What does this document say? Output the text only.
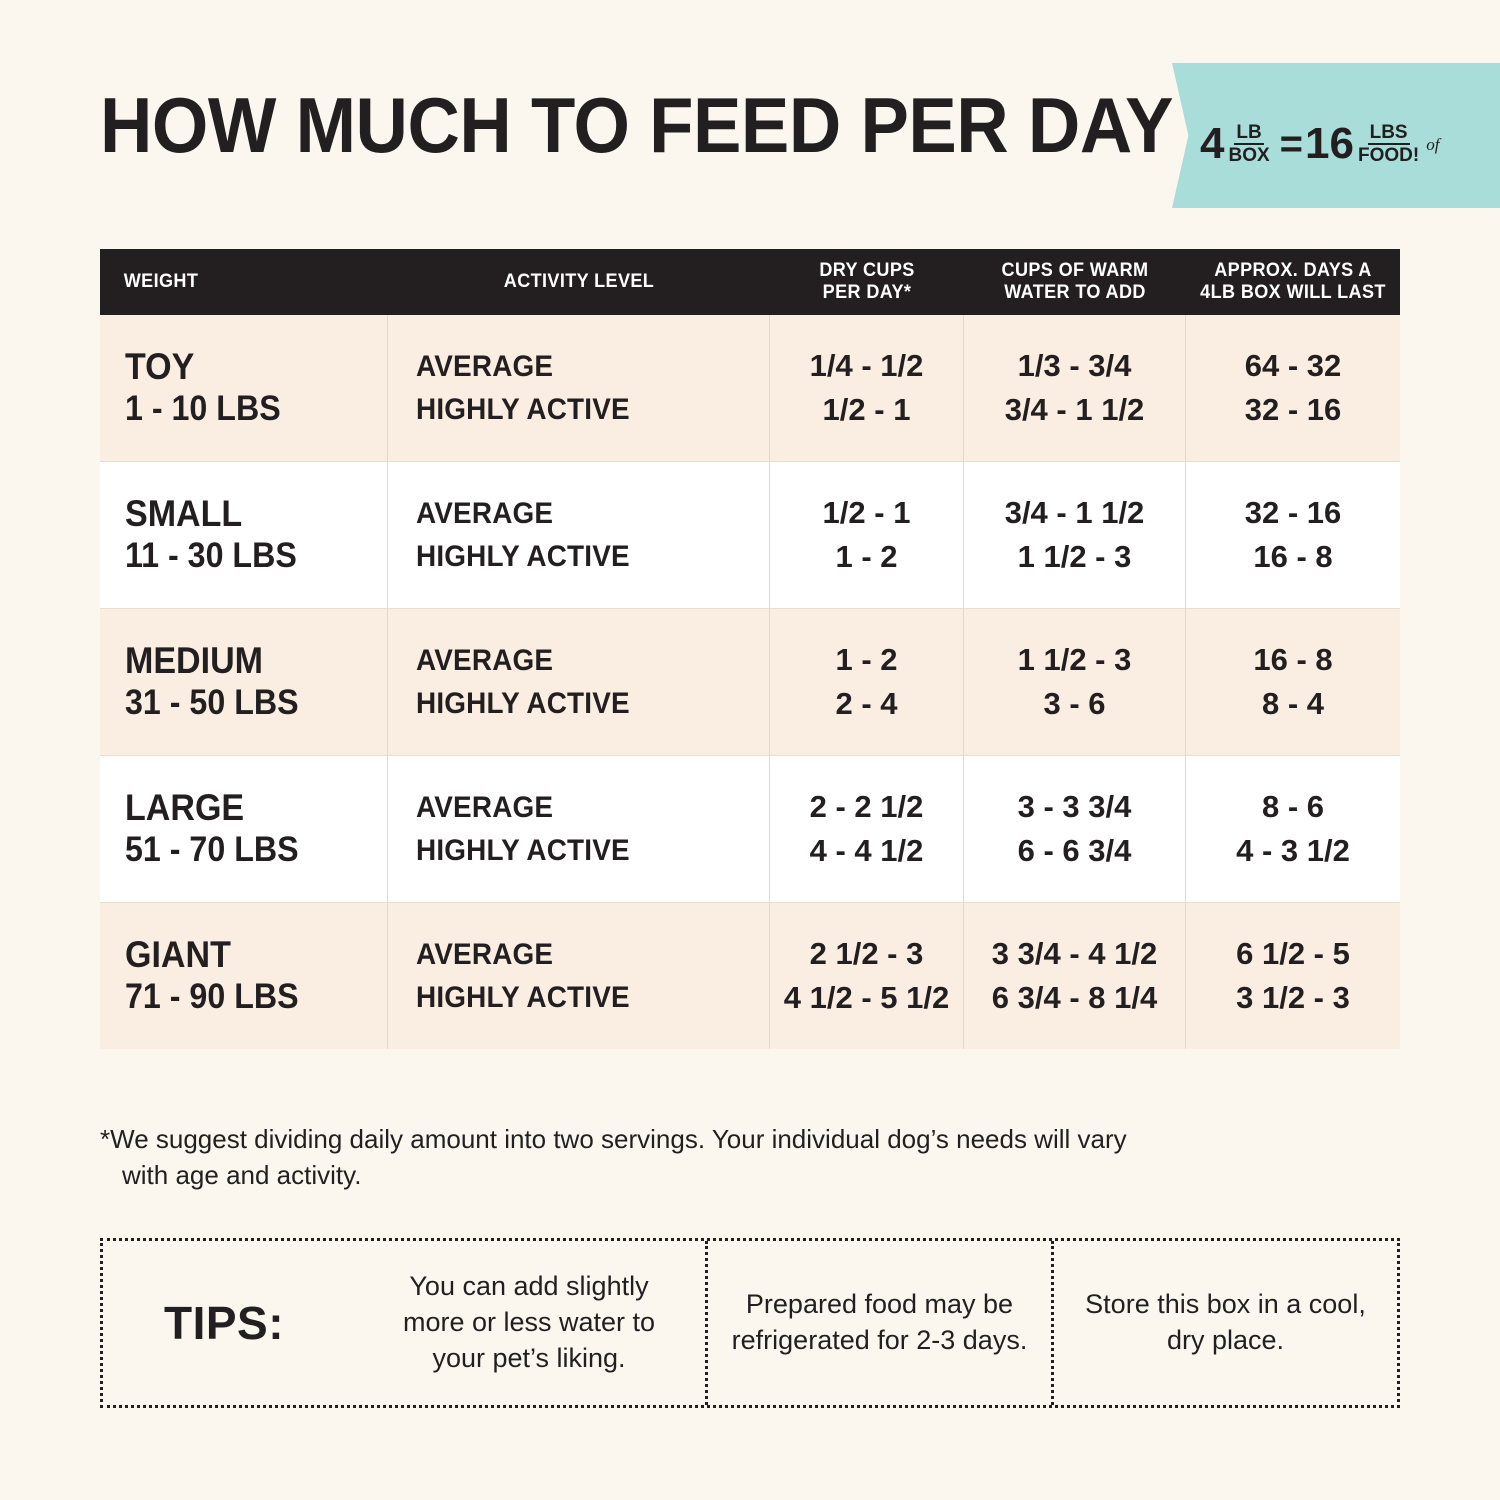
4 LB
BOX = 16 LBS
FOOD!
of
HOW MUCH TO FEED PER DAY
WEIGHT	ACTIVITY LEVEL
DRY CUPS
PER DAY*
CUPS OF WARM
WATER TO ADD
APPROX. DAYS A
4LB BOX WILL LAST
TOY
1 - 10 LBS
AVERAGE
HIGHLY ACTIVE
1/4 - 1/2
1/2 - 1
1/3 - 3/4
3/4 - 1 1/2
64 - 32
32 - 16
SMALL
11 - 30 LBS
AVERAGE
HIGHLY ACTIVE
1/2 - 1
1 - 2
3/4 - 1 1/2
1 1/2 - 3
32 - 16
16 - 8
MEDIUM
31 - 50 LBS
AVERAGE
HIGHLY ACTIVE
1 - 2
2 - 4
1 1/2 - 3
3 - 6
16 - 8
8 - 4
LARGE
51 - 70 LBS
AVERAGE
HIGHLY ACTIVE
2 - 2 1/2
4 - 4 1/2
3 - 3 3/4
6 - 6 3/4
8 - 6
4 - 3 1/2
GIANT
71 - 90 LBS
AVERAGE
HIGHLY ACTIVE
2 1/2 - 3
4 1/2 - 5 1/2
3 3/4 - 4 1/2
6 3/4 - 8 1/4
6 1/2 - 5
3 1/2 - 3
*We suggest dividing daily amount into two servings. Your individual dog’s needs will vary
with age and activity.
TIPS:
You can add slightly more or less water to your pet’s liking.
Prepared food may be refrigerated for 2-3 days.
Store this box in a cool, dry place.
